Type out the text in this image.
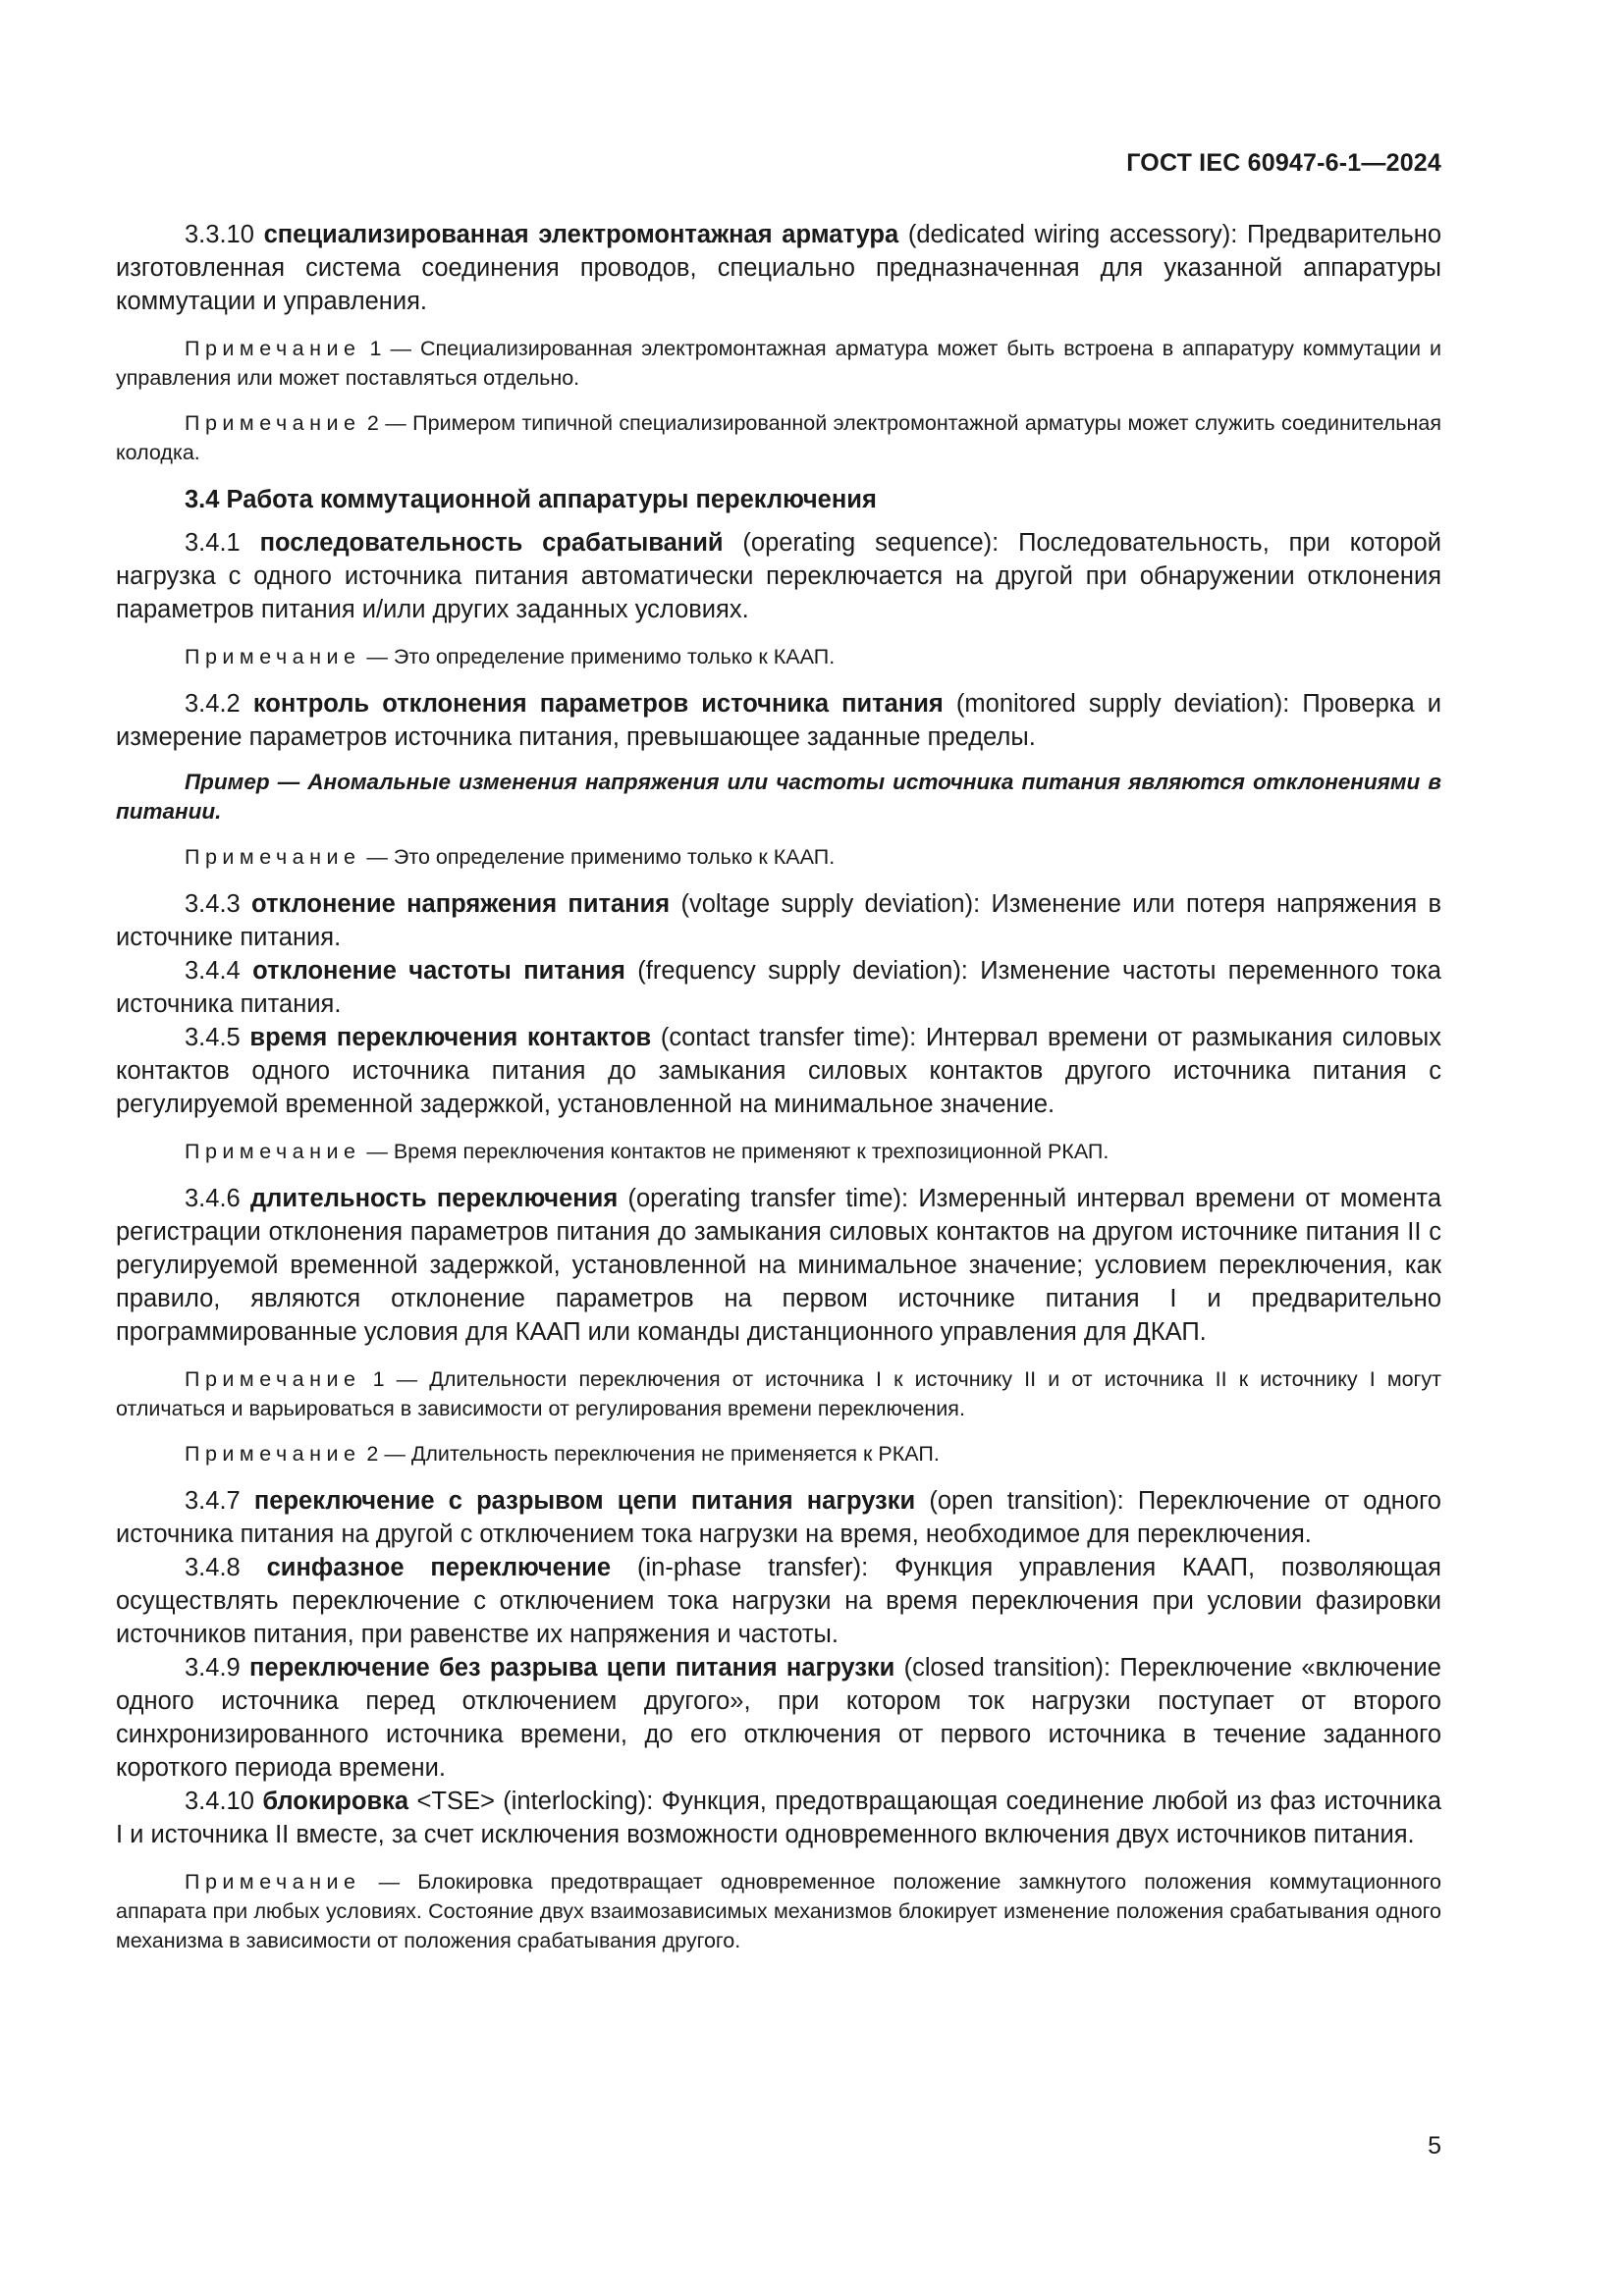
ГОСТ IEC 60947-6-1—2024

3.3.10 специализированная электромонтажная арматура (dedicated wiring accessory): Предварительно изготовленная система соединения проводов, специально предназначенная для указанной аппаратуры коммутации и управления.

Примечание 1 — Специализированная электромонтажная арматура может быть встроена в аппаратуру коммутации и управления или может поставляться отдельно.

Примечание 2 — Примером типичной специализированной электромонтажной арматуры может служить соединительная колодка.

3.4 Работа коммутационной аппаратуры переключения

3.4.1 последовательность срабатываний (operating sequence): Последовательность, при которой нагрузка с одного источника питания автоматически переключается на другой при обнаружении отклонения параметров питания и/или других заданных условиях.

Примечание — Это определение применимо только к КААП.

3.4.2 контроль отклонения параметров источника питания (monitored supply deviation): Проверка и измерение параметров источника питания, превышающее заданные пределы.

Пример — Аномальные изменения напряжения или частоты источника питания являются отклонениями в питании.

Примечание — Это определение применимо только к КААП.

3.4.3 отклонение напряжения питания (voltage supply deviation): Изменение или потеря напряжения в источнике питания.

3.4.4 отклонение частоты питания (frequency supply deviation): Изменение частоты переменного тока источника питания.

3.4.5 время переключения контактов (contact transfer time): Интервал времени от размыкания силовых контактов одного источника питания до замыкания силовых контактов другого источника питания с регулируемой временной задержкой, установленной на минимальное значение.

Примечание — Время переключения контактов не применяют к трехпозиционной РКАП.

3.4.6 длительность переключения (operating transfer time): Измеренный интервал времени от момента регистрации отклонения параметров питания до замыкания силовых контактов на другом источнике питания II с регулируемой временной задержкой, установленной на минимальное значение; условием переключения, как правило, являются отклонение параметров на первом источнике питания I и предварительно программированные условия для КААП или команды дистанционного управления для ДКАП.

Примечание 1 — Длительности переключения от источника I к источнику II и от источника II к источнику I могут отличаться и варьироваться в зависимости от регулирования времени переключения.

Примечание 2 — Длительность переключения не применяется к РКАП.

3.4.7 переключение с разрывом цепи питания нагрузки (open transition): Переключение от одного источника питания на другой с отключением тока нагрузки на время, необходимое для переключения.

3.4.8 синфазное переключение (in-phase transfer): Функция управления КААП, позволяющая осуществлять переключение с отключением тока нагрузки на время переключения при условии фазировки источников питания, при равенстве их напряжения и частоты.

3.4.9 переключение без разрыва цепи питания нагрузки (closed transition): Переключение «включение одного источника перед отключением другого», при котором ток нагрузки поступает от второго синхронизированного источника времени, до его отключения от первого источника в течение заданного короткого периода времени.

3.4.10 блокировка <TSE> (interlocking): Функция, предотвращающая соединение любой из фаз источника I и источника II вместе, за счет исключения возможности одновременного включения двух источников питания.

Примечание — Блокировка предотвращает одновременное положение замкнутого положения коммутационного аппарата при любых условиях. Состояние двух взаимозависимых механизмов блокирует изменение положения срабатывания одного механизма в зависимости от положения срабатывания другого.

5
